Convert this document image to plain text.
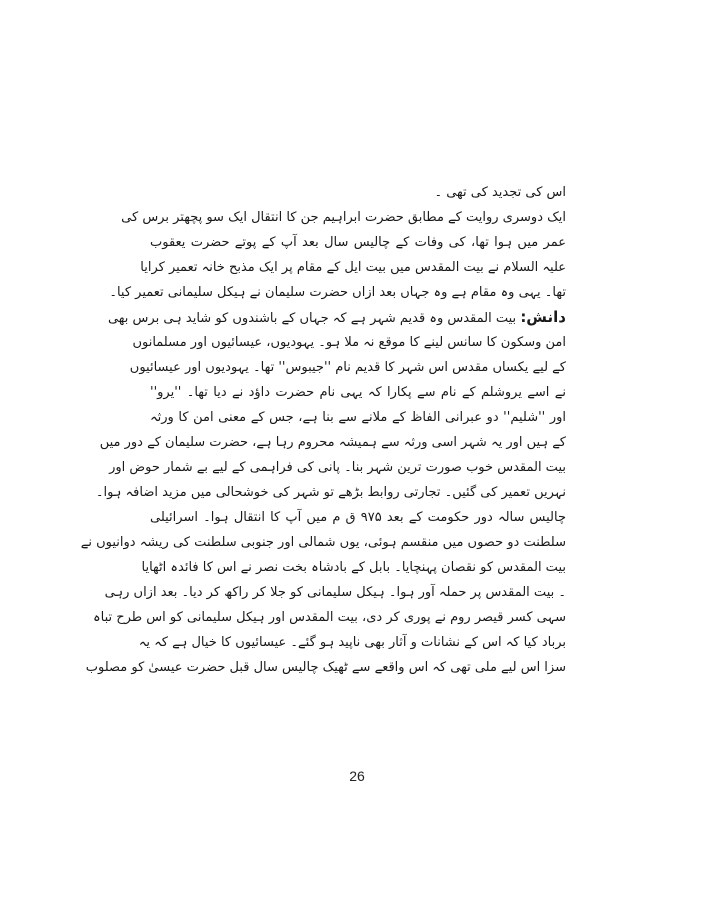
اس کی تجدید کی تھی ۔
ایک دوسری روایت کے مطابق حضرت ابراہیم جن کا انتقال ایک سو پچھتر برس کی
عمر میں ہوا تھا، کی وفات کے چالیس سال بعد آپ کے پوتے حضرت یعقوب
علیہ السلام نے بیت المقدس میں بیت ایل کے مقام پر ایک مذبح خانہ تعمیر کرایا
تھا۔ یہی وہ مقام ہے وہ جہاں بعد ازاں حضرت سلیمان نے ہیکل سلیمانی تعمیر کیا۔
دانش: بیت المقدس وہ قدیم شہر ہے کہ جہاں کے باشندوں کو شاید ہی برس بھی
امن وسکون کا سانس لینے کا موقع نہ ملا ہو۔ یہودیوں، عیسائیوں اور مسلمانوں
کے لیے یکساں مقدس اس شہر کا قدیم نام ''جیبوس'' تھا۔ یہودیوں اور عیسائیوں
نے اسے یروشلم کے نام سے پکارا کہ یہی نام حضرت داؤد نے دیا تھا۔ ''یرو''
اور ''شلیم'' دو عبرانی الفاظ کے ملانے سے بنا ہے، جس کے معنی امن کا ورثہ
کے ہیں اور یہ شہر اسی ورثہ سے ہمیشہ محروم رہا ہے، حضرت سلیمان کے دور میں
بیت المقدس خوب صورت ترین شہر بنا۔ پانی کی فراہمی کے لیے بے شمار حوض اور
نہریں تعمیر کی گئیں۔ تجارتی روابط بڑھے تو شہر کی خوشحالی میں مزید اضافہ ہوا۔
چالیس سالہ دور حکومت کے بعد ۹۷۵ ق م میں آپ کا انتقال ہوا۔ اسرائیلی
سلطنت دو حصوں میں منقسم ہوئی، یوں شمالی اور جنوبی سلطنت کی ریشہ دوانیوں نے
بیت المقدس کو نقصان پہنچایا۔ بابل کے بادشاہ بخت نصر نے اس کا فائدہ اٹھایا
۔ بیت المقدس پر حملہ آور ہوا۔ ہیکل سلیمانی کو جلا کر راکھ کر دیا۔ بعد ازاں رہی
سہی کسر قیصر روم نے پوری کر دی، بیت المقدس اور ہیکل سلیمانی کو اس طرح تباہ
برباد کیا کہ اس کے نشانات و آثار بھی ناپید ہو گئے۔ عیسائیوں کا خیال ہے کہ یہ
سزا اس لیے ملی تھی کہ اس واقعے سے ٹھیک چالیس سال قبل حضرت عیسیٰ کو مصلوب
26
